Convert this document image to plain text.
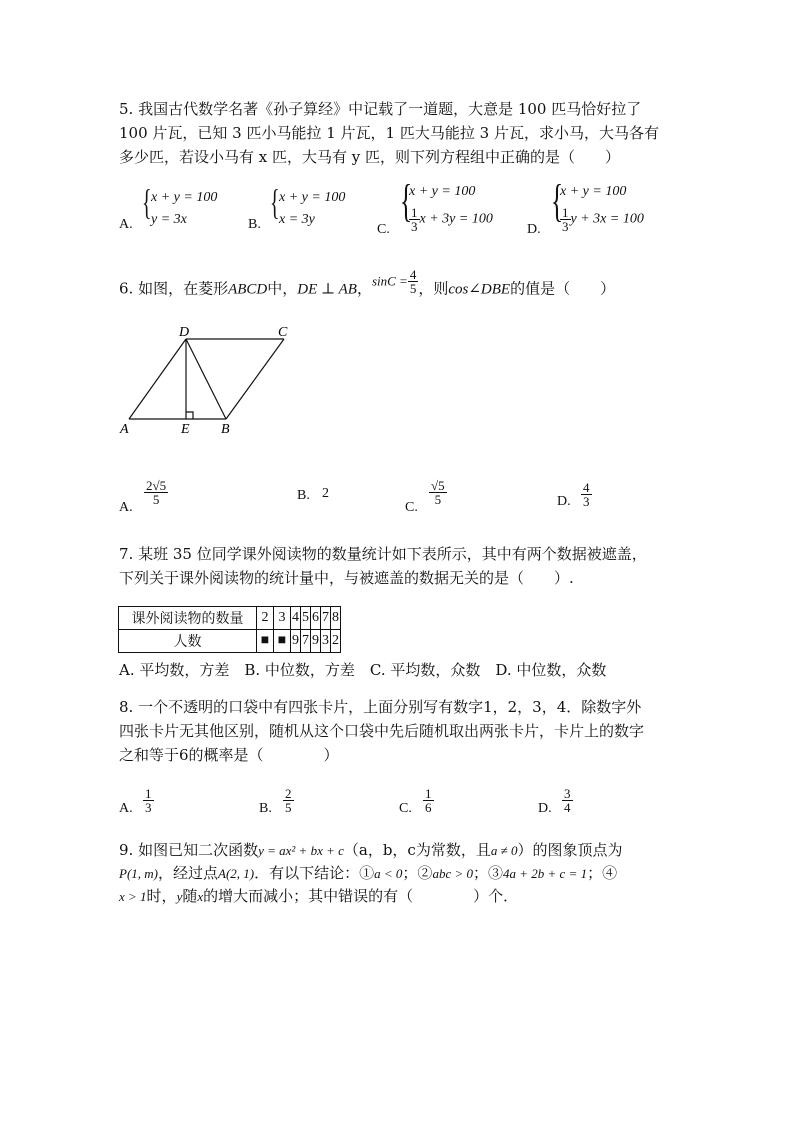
5. 我国古代数学名著《孙子算经》中记载了一道题，大意是 100 匹马恰好拉了
100 片瓦，已知 3 匹小马能拉 1 片瓦，1 匹大马能拉 3 片瓦，求小马，大马各有
多少匹，若设小马有 x 匹，大马有 y 匹，则下列方程组中正确的是（　　）
A.
{ x + y = 100
y = 3x	B.
{ x + y = 100
x = 3y
C.
{
x + y = 100
$\frac{1}{3}$ x + 3y = 100
D.
{
x + y = 100
$\frac{1}{3}$ y + 3x = 100
6. 如图，在菱形ABCD中，DE ⊥ AB，$\sin C = \frac{4}{5}$ ，则cos∠DBE的值是（　　）
D	C
A	E B
A.
$\frac{2√5}{5}$	B. 2
C.
$\frac{√5}{5}$	D. $\frac{4}{3}$
7. 某班 35 位同学课外阅读物的数量统计如下表所示，其中有两个数据被遮盖，
下列关于课外阅读物的统计量中，与被遮盖的数据无关的是（　　）.
课外阅读物的数量	2	3	4	5	6	7	8
人数	■	■	9	7	9	3	2
A. 平均数，方差　B. 中位数，方差　C. 平均数，众数　D. 中位数，众数
8. 一个不透明的口袋中有四张卡片，上面分别写有数字1，2，3，4．除数字外
四张卡片无其他区别，随机从这个口袋中先后随机取出两张卡片，卡片上的数字
之和等于6的概率是（　　　　）
A. $\frac{1}{3}$	B. $\frac{2}{5}$	C. $\frac{1}{6}$	D. $\frac{3}{4}$
9. 如图已知二次函数y = ax² + bx + c（a，b，c为常数，且a ≠ 0）的图象顶点为
P(1, m)，经过点A(2, 1)．有以下结论：①a < 0；②abc > 0；③4a + 2b + c = 1；④
x > 1时，y随x的增大而减小；其中错误的有（　　　　）个．
